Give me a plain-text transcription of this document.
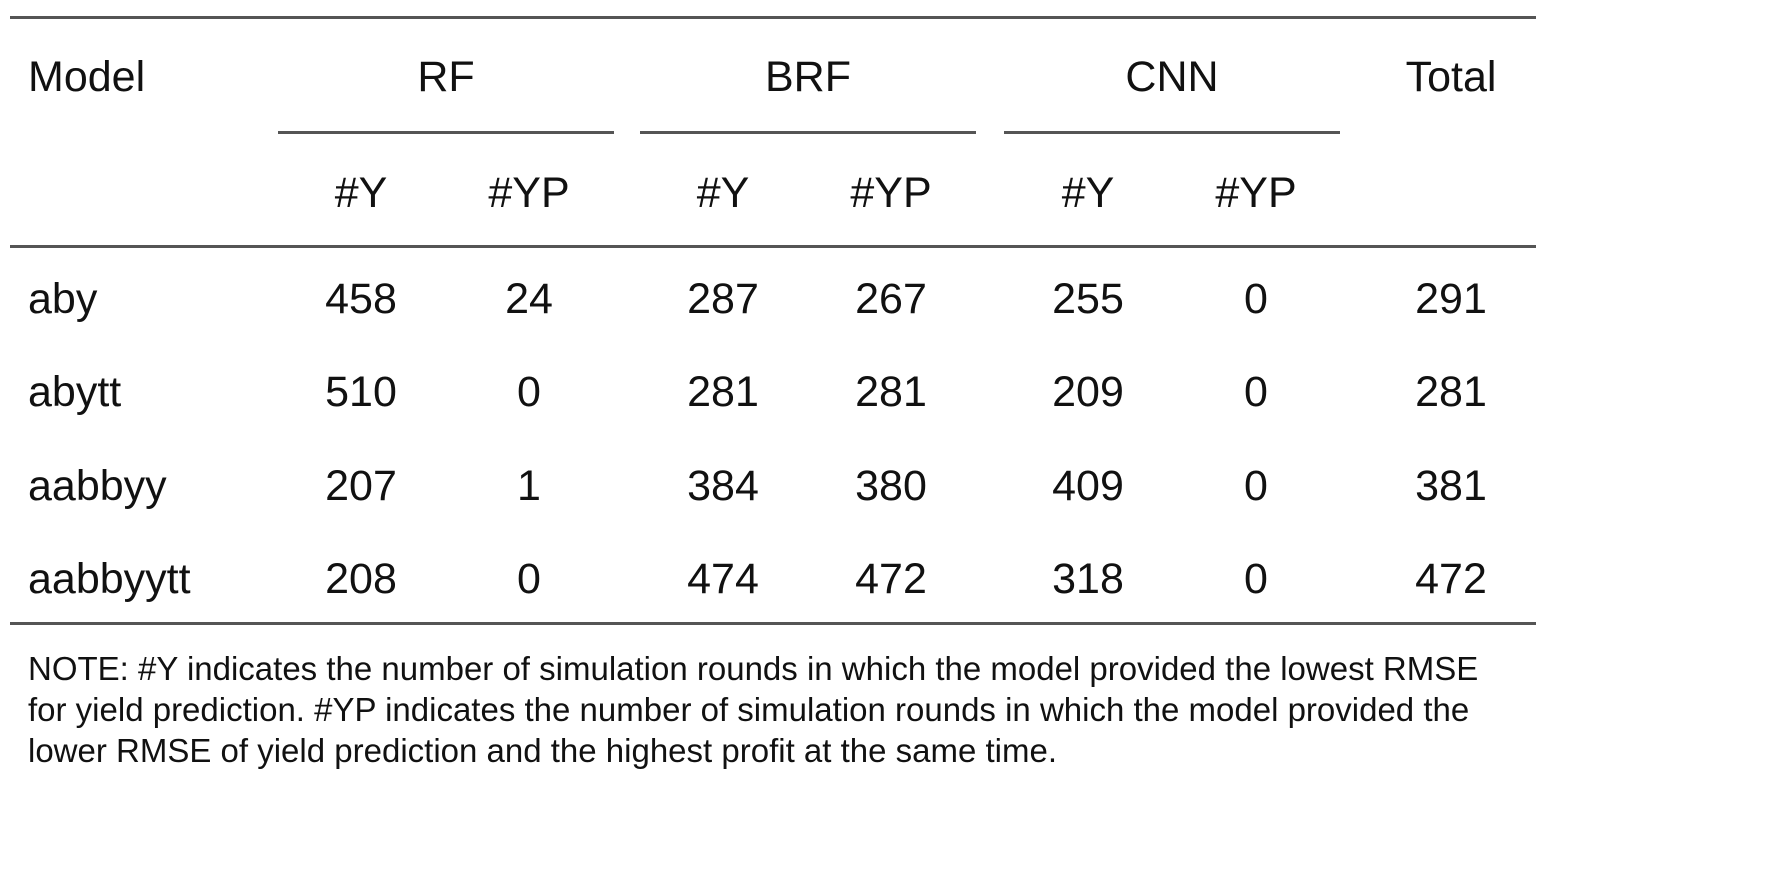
Model	RF	BRF	CNN	Total
#Y #YP	#Y #YP	#Y #YP
aby	458	24	287 267	255	0	291
abytt	510	0	281 281	209	0	281
aabbyy	207	1	384 380	409	0	381
aabbyytt	208	0	474 472	318	0	472
NOTE: #Y indicates the number of simulation rounds in which the model provided the lowest RMSE for yield prediction. #YP indicates the number of simulation rounds in which the model provided the lower RMSE of yield prediction and the highest profit at the same time.
